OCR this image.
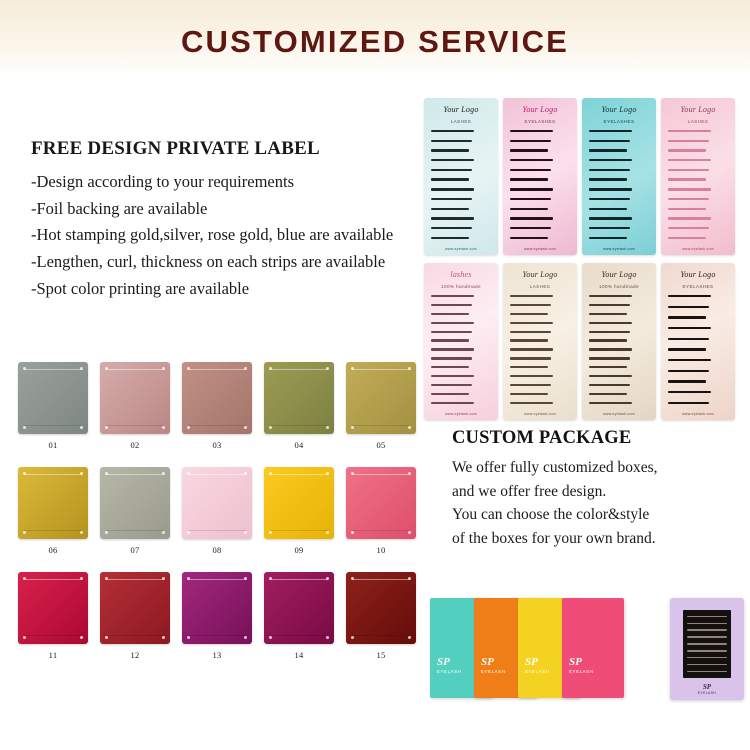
CUSTOMIZED SERVICE
FREE DESIGN PRIVATE LABEL
-Design according to your requirements
-Foil backing are available
-Hot stamping gold,silver, rose gold, blue are available
-Lengthen, curl, thickness on each strips are available
-Spot color printing are available
01	02	03	04	05
06	07	08	09	10
11	12	13	14	15
Your Logo
LASHES
www.eyelash.com
Your Logo
EYELASHES
www.eyelash.com
Your Logo
EYELASHES
www.eyelash.com
Your Logo
LASHES
www.eyelash.com
lashes
100% handmade
www.eyelash.com
Your Logo
LASHES
www.eyelash.com
Your Logo
100% handmade
www.eyelash.com
Your Logo
EYELASHES
www.eyelash.com
CUSTOM PACKAGE
We offer fully customized boxes,
and we offer free design.
You can choose the color&style
of the boxes for your own brand.
SP
EYELASH
SP
EYELASH
SP
EYELASH
SP
EYELASH
SP
EYELASH
